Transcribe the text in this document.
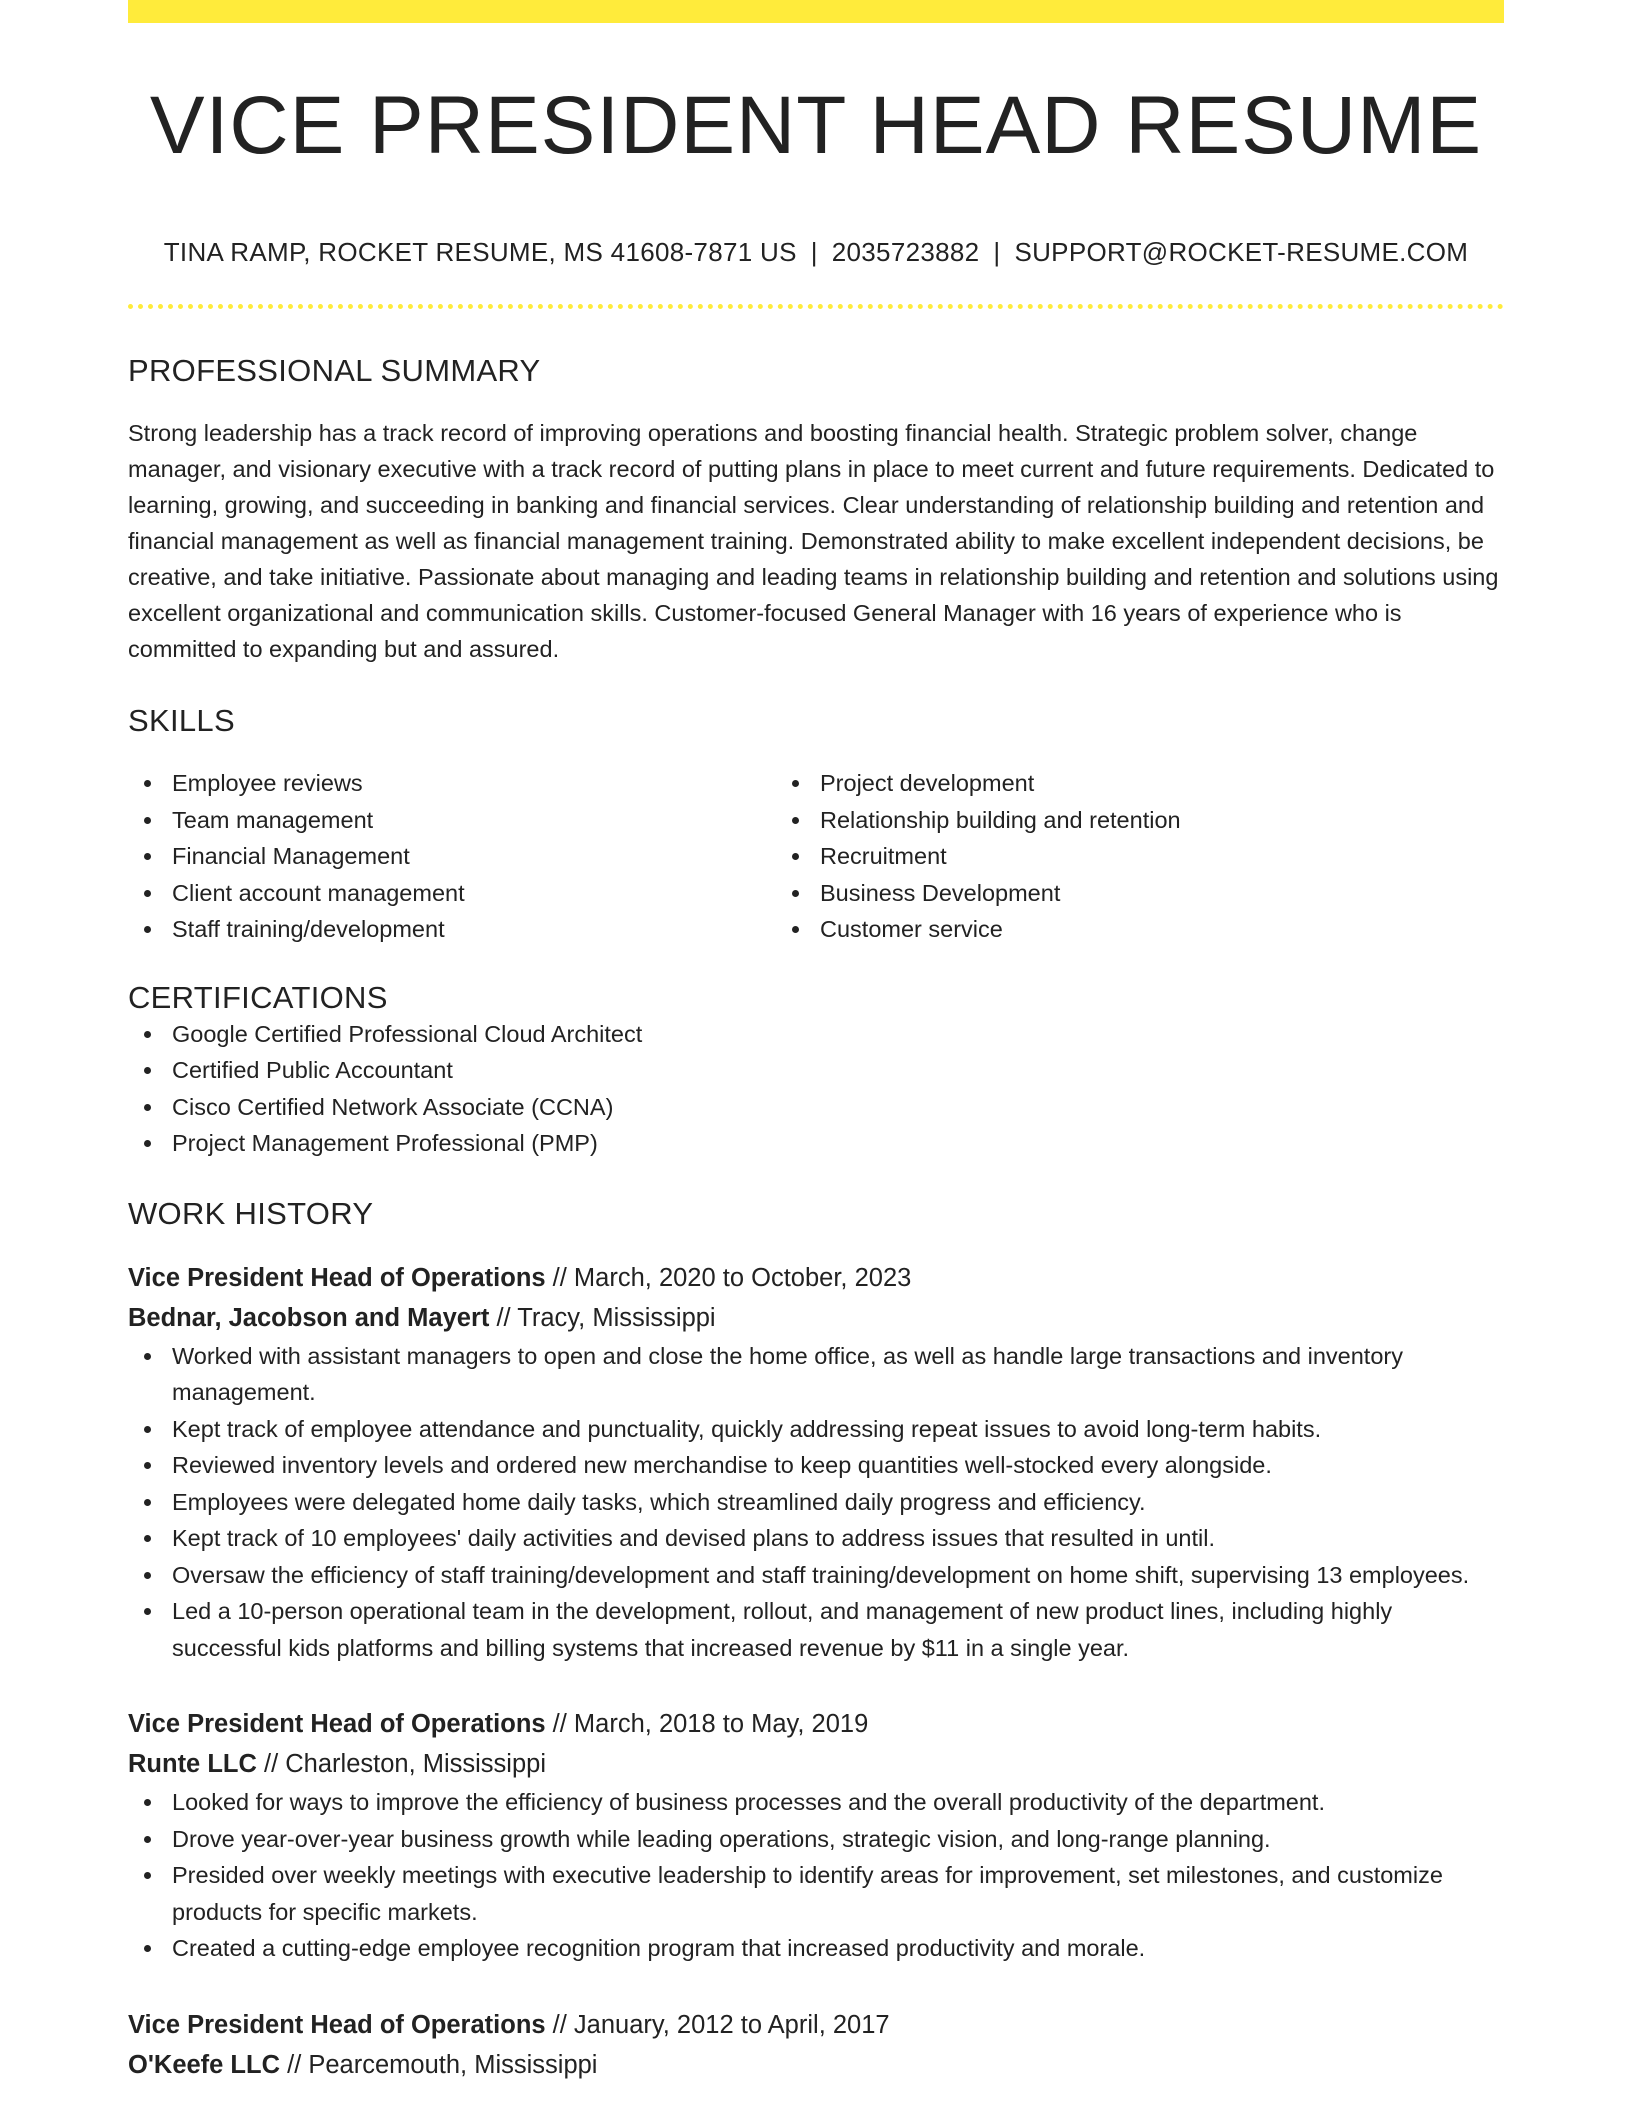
VICE PRESIDENT HEAD RESUME
TINA RAMP, ROCKET RESUME, MS 41608-7871 US | 2035723882 | SUPPORT@ROCKET-RESUME.COM
PROFESSIONAL SUMMARY

Strong leadership has a track record of improving operations and boosting financial health. Strategic problem solver, change manager, and visionary executive with a track record of putting plans in place to meet current and future requirements. Dedicated to learning, growing, and succeeding in banking and financial services. Clear understanding of relationship building and retention and financial management as well as financial management training. Demonstrated ability to make excellent independent decisions, be creative, and take initiative. Passionate about managing and leading teams in relationship building and retention and solutions using excellent organizational and communication skills. Customer-focused General Manager with 16 years of experience who is committed to expanding but and assured.

SKILLS
Employee reviews
Team management
Financial Management
Client account management
Staff training/development
Project development
Relationship building and retention
Recruitment
Business Development
Customer service
CERTIFICATIONS
Google Certified Professional Cloud Architect
Certified Public Accountant
Cisco Certified Network Associate (CCNA)
Project Management Professional (PMP)
WORK HISTORY
Vice President Head of Operations // March, 2020 to October, 2023
Bednar, Jacobson and Mayert // Tracy, Mississippi
Worked with assistant managers to open and close the home office, as well as handle large transactions and inventory management.
Kept track of employee attendance and punctuality, quickly addressing repeat issues to avoid long-term habits.
Reviewed inventory levels and ordered new merchandise to keep quantities well-stocked every alongside.
Employees were delegated home daily tasks, which streamlined daily progress and efficiency.
Kept track of 10 employees' daily activities and devised plans to address issues that resulted in until.
Oversaw the efficiency of staff training/development and staff training/development on home shift, supervising 13 employees.
Led a 10-person operational team in the development, rollout, and management of new product lines, including highly successful kids platforms and billing systems that increased revenue by $11 in a single year.
Vice President Head of Operations // March, 2018 to May, 2019
Runte LLC // Charleston, Mississippi
Looked for ways to improve the efficiency of business processes and the overall productivity of the department.
Drove year-over-year business growth while leading operations, strategic vision, and long-range planning.
Presided over weekly meetings with executive leadership to identify areas for improvement, set milestones, and customize products for specific markets.
Created a cutting-edge employee recognition program that increased productivity and morale.
Vice President Head of Operations // January, 2012 to April, 2017
O'Keefe LLC // Pearcemouth, Mississippi
